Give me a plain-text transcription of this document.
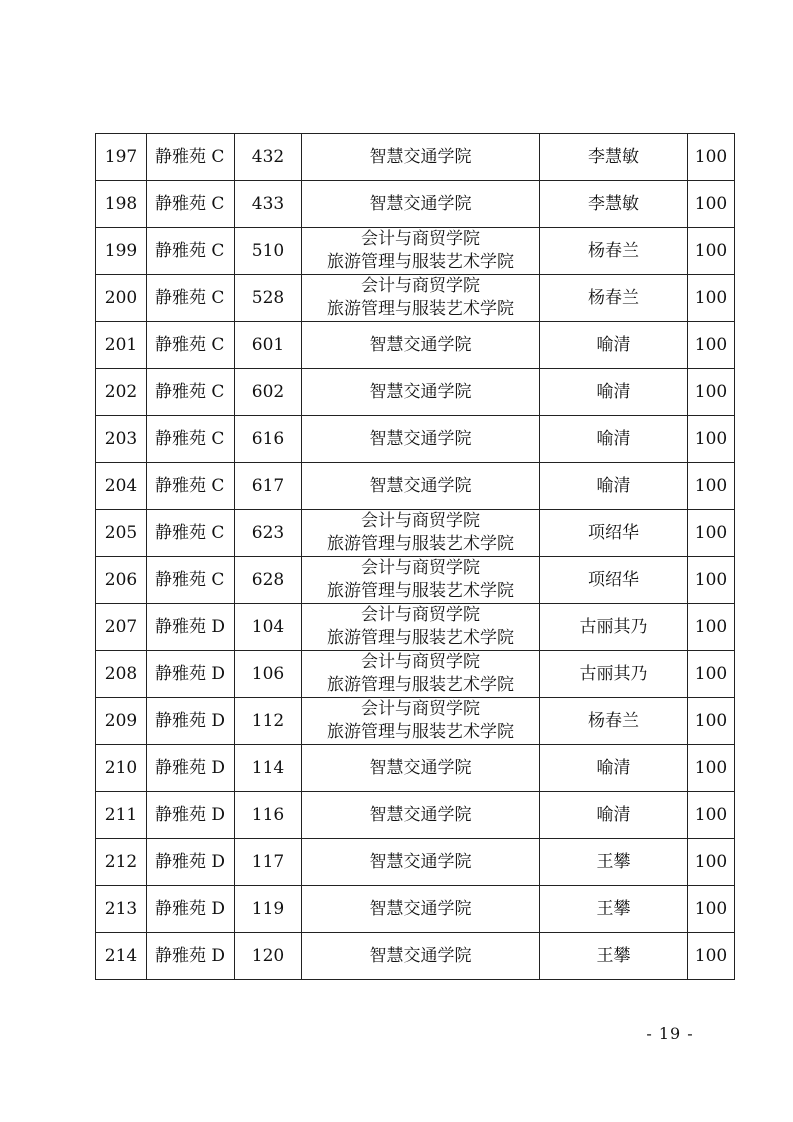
197	静雅苑 C	432	智慧交通学院	李慧敏	100
198	静雅苑 C	433	智慧交通学院	李慧敏	100
199	静雅苑 C	510	会计与商贸学院
旅游管理与服装艺术学院	杨春兰	100
200	静雅苑 C	528	会计与商贸学院
旅游管理与服装艺术学院	杨春兰	100
201	静雅苑 C	601	智慧交通学院	喻清	100
202	静雅苑 C	602	智慧交通学院	喻清	100
203	静雅苑 C	616	智慧交通学院	喻清	100
204	静雅苑 C	617	智慧交通学院	喻清	100
205	静雅苑 C	623	会计与商贸学院
旅游管理与服装艺术学院	项绍华	100
206	静雅苑 C	628	会计与商贸学院
旅游管理与服装艺术学院	项绍华	100
207	静雅苑 D	104	会计与商贸学院
旅游管理与服装艺术学院	古丽其乃	100
208	静雅苑 D	106	会计与商贸学院
旅游管理与服装艺术学院	古丽其乃	100
209	静雅苑 D	112	会计与商贸学院
旅游管理与服装艺术学院	杨春兰	100
210	静雅苑 D	114	智慧交通学院	喻清	100
211	静雅苑 D	116	智慧交通学院	喻清	100
212	静雅苑 D	117	智慧交通学院	王攀	100
213	静雅苑 D	119	智慧交通学院	王攀	100
214	静雅苑 D	120	智慧交通学院	王攀	100
- 19 -
